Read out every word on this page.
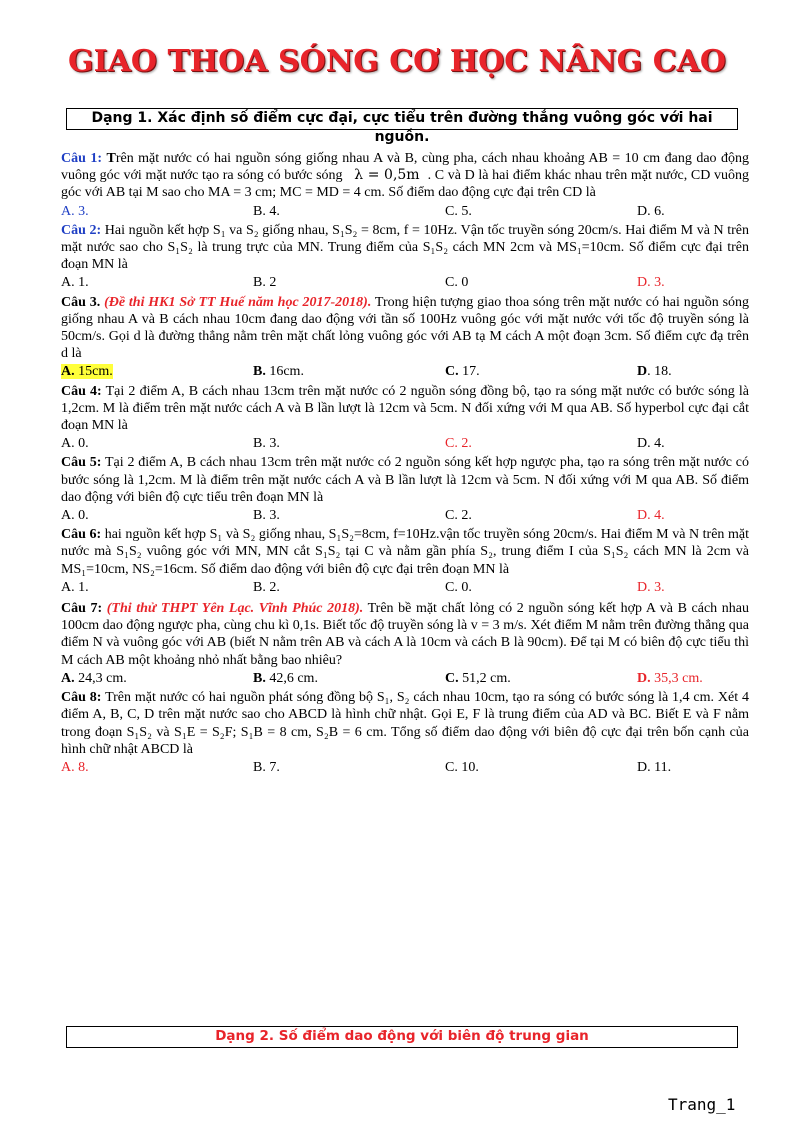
GIAO THOA SÓNG CƠ HỌC NÂNG CAO
Dạng 1. Xác định số điểm cực đại, cực tiểu trên đường thẳng vuông góc với hai nguồn.

Câu 1: Trên mặt nước có hai nguồn sóng giống nhau A và B, cùng pha, cách nhau khoảng AB = 10 cm đang dao động vuông góc với mặt nước tạo ra sóng có bước sóng λ = 0,5m . C và D là hai điểm khác nhau trên mặt nước, CD vuông góc với AB tại M sao cho MA = 3 cm; MC = MD = 4 cm. Số điểm dao động cực đại trên CD là

A. 3.	B. 4.	C. 5.	D. 6.

Câu 2: Hai nguồn kết hợp S₁ va S₂ giống nhau, S₁S₂ = 8cm, f = 10Hz. Vận tốc truyền sóng 20cm/s. Hai điểm M và N trên mặt nước sao cho S₁S₂ là trung trực của MN. Trung điểm của S₁S₂ cách MN 2cm và MS₁=10cm. Số điểm cực đại trên đoạn MN là

A. 1.	B. 2	C. 0	D. 3.

Câu 3. (Đề thi HK1 Sở TT Huế năm học 2017-2018). Trong hiện tượng giao thoa sóng trên mặt nước có hai nguồn sóng giống nhau A và B cách nhau 10cm đang dao động với tần số 100Hz vuông góc với mặt nước với tốc độ truyền sóng là 50cm/s. Gọi d là đường thẳng nằm trên mặt chất lỏng vuông góc với AB tạ M cách A một đoạn 3cm. Số điểm cực đạ trên d là

A. 15cm.	B. 16cm.	C. 17.	D. 18.

Câu 4: Tại 2 điểm A, B cách nhau 13cm trên mặt nước có 2 nguồn sóng đồng bộ, tạo ra sóng mặt nước có bước sóng là 1,2cm. M là điểm trên mặt nước cách A và B lần lượt là 12cm và 5cm. N đối xứng với M qua AB. Số hyperbol cực đại cắt đoạn MN là

A. 0.	B. 3.	C. 2.	D. 4.

Câu 5: Tại 2 điểm A, B cách nhau 13cm trên mặt nước có 2 nguồn sóng kết hợp ngược pha, tạo ra sóng trên mặt nước có bước sóng là 1,2cm. M là điểm trên mặt nước cách A và B lần lượt là 12cm và 5cm. N đối xứng với M qua AB. Số điểm dao động với biên độ cực tiểu trên đoạn MN là

A. 0.	B. 3.	C. 2.	D. 4.

Câu 6: hai nguồn kết hợp S₁ và S₂ giống nhau, S₁S₂=8cm, f=10Hz.vận tốc truyền sóng 20cm/s. Hai điểm M và N trên mặt nước mà S₁S₂ vuông góc với MN, MN cắt S₁S₂ tại C và nằm gần phía S₂, trung điểm I của S₁S₂ cách MN là 2cm và MS₁=10cm, NS₂=16cm. Số điểm dao động với biên độ cực đại trên đoạn MN là

A. 1.	B. 2.	C. 0.	D. 3.

Câu 7: (Thi thử THPT Yên Lạc. Vĩnh Phúc 2018). Trên bề mặt chất lỏng có 2 nguồn sóng kết hợp A và B cách nhau 100cm dao động ngược pha, cùng chu kì 0,1s. Biết tốc độ truyền sóng là v = 3 m/s. Xét điểm M nằm trên đường thẳng qua điểm N và vuông góc với AB (biết N nằm trên AB và cách A là 10cm và cách B là 90cm). Để tại M có biên độ cực tiểu thì M cách AB một khoảng nhỏ nhất bằng bao nhiêu?

A. 24,3 cm.	B. 42,6 cm.	C. 51,2 cm.	D. 35,3 cm.

Câu 8: Trên mặt nước có hai nguồn phát sóng đồng bộ S₁, S₂ cách nhau 10cm, tạo ra sóng có bước sóng là 1,4 cm. Xét 4 điểm A, B, C, D trên mặt nước sao cho ABCD là hình chữ nhật. Gọi E, F là trung điểm của AD và BC. Biết E và F nằm trong đoạn S₁S₂ và S₁E = S₂F; S₁B = 8 cm, S₂B = 6 cm. Tổng số điểm dao động với biên độ cực đại trên bốn cạnh của hình chữ nhật ABCD là

A. 8.	B. 7.	C. 10.	D. 11.
Dạng 2. Số điểm dao động với biên độ trung gian
Trang_1
